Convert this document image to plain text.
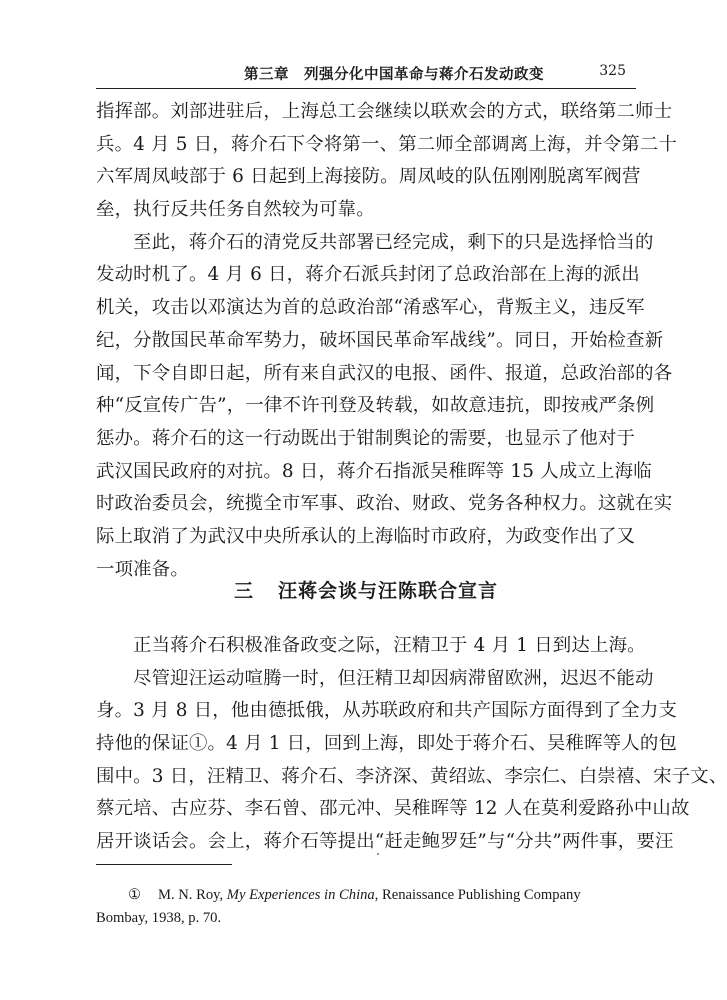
第三章　列强分化中国革命与蒋介石发动政变	325
指挥部。刘部进驻后，上海总工会继续以联欢会的方式，联络第二师士
兵。4 月 5 日，蒋介石下令将第一、第二师全部调离上海，并令第二十
六军周凤岐部于 6 日起到上海接防。周凤岐的队伍刚刚脱离军阀营
垒，执行反共任务自然较为可靠。
至此，蒋介石的清党反共部署已经完成，剩下的只是选择恰当的
发动时机了。4 月 6 日，蒋介石派兵封闭了总政治部在上海的派出
机关，攻击以邓演达为首的总政治部“淆惑军心，背叛主义，违反军
纪，分散国民革命军势力，破坏国民革命军战线”。同日，开始检查新
闻，下令自即日起，所有来自武汉的电报、函件、报道，总政治部的各
种“反宣传广告”，一律不许刊登及转载，如故意违抗，即按戒严条例
惩办。蒋介石的这一行动既出于钳制舆论的需要，也显示了他对于
武汉国民政府的对抗。8 日，蒋介石指派吴稚晖等 15 人成立上海临
时政治委员会，统揽全市军事、政治、财政、党务各种权力。这就在实
际上取消了为武汉中央所承认的上海临时市政府，为政变作出了又
一项准备。
三 汪蒋会谈与汪陈联合宣言
正当蒋介石积极准备政变之际，汪精卫于 4 月 1 日到达上海。
尽管迎汪运动喧腾一时，但汪精卫却因病滞留欧洲，迟迟不能动
身。3 月 8 日，他由德抵俄，从苏联政府和共产国际方面得到了全力支
持他的保证①。4 月 1 日，回到上海，即处于蒋介石、吴稚晖等人的包
围中。3 日，汪精卫、蒋介石、李济深、黄绍竑、李宗仁、白崇禧、宋子文、
蔡元培、古应芬、李石曾、邵元冲、吴稚晖等 12 人在莫利爱路孙中山故
居开谈话会。会上，蒋介石等提出“赶走鲍罗廷”与“分共”两件事，要汪
① M. N. Roy, My Experiences in China, Renaissance Publishing Company
Bombay, 1938, p. 70.
